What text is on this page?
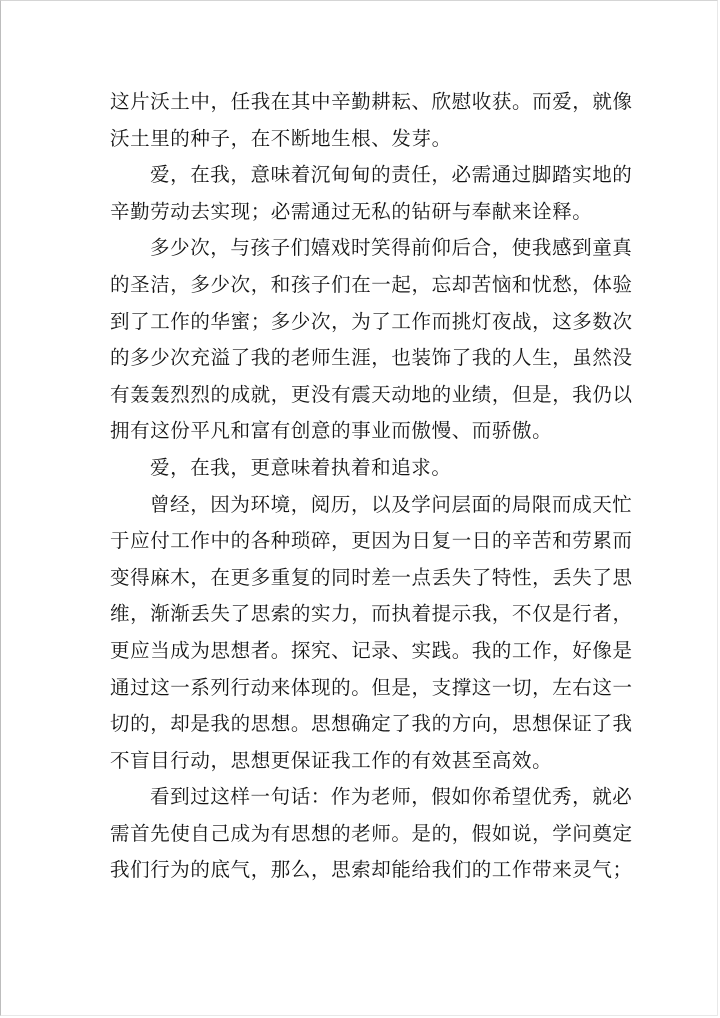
这片沃土中，任我在其中辛勤耕耘、欣慰收获。而爱，就像
沃土里的种子，在不断地生根、发芽。
爱，在我，意味着沉甸甸的责任，必需通过脚踏实地的
辛勤劳动去实现；必需通过无私的钻研与奉献来诠释。
多少次，与孩子们嬉戏时笑得前仰后合，使我感到童真
的圣洁，多少次，和孩子们在一起，忘却苦恼和忧愁，体验
到了工作的华蜜；多少次，为了工作而挑灯夜战，这多数次
的多少次充溢了我的老师生涯，也装饰了我的人生，虽然没
有轰轰烈烈的成就，更没有震天动地的业绩，但是，我仍以
拥有这份平凡和富有创意的事业而傲慢、而骄傲。
爱，在我，更意味着执着和追求。
曾经，因为环境，阅历，以及学问层面的局限而成天忙
于应付工作中的各种琐碎，更因为日复一日的辛苦和劳累而
变得麻木，在更多重复的同时差一点丢失了特性，丢失了思
维，渐渐丢失了思索的实力，而执着提示我，不仅是行者，
更应当成为思想者。探究、记录、实践。我的工作，好像是
通过这一系列行动来体现的。但是，支撑这一切，左右这一
切的，却是我的思想。思想确定了我的方向，思想保证了我
不盲目行动，思想更保证我工作的有效甚至高效。
看到过这样一句话：作为老师，假如你希望优秀，就必
需首先使自己成为有思想的老师。是的，假如说，学问奠定
我们行为的底气，那么，思索却能给我们的工作带来灵气；
